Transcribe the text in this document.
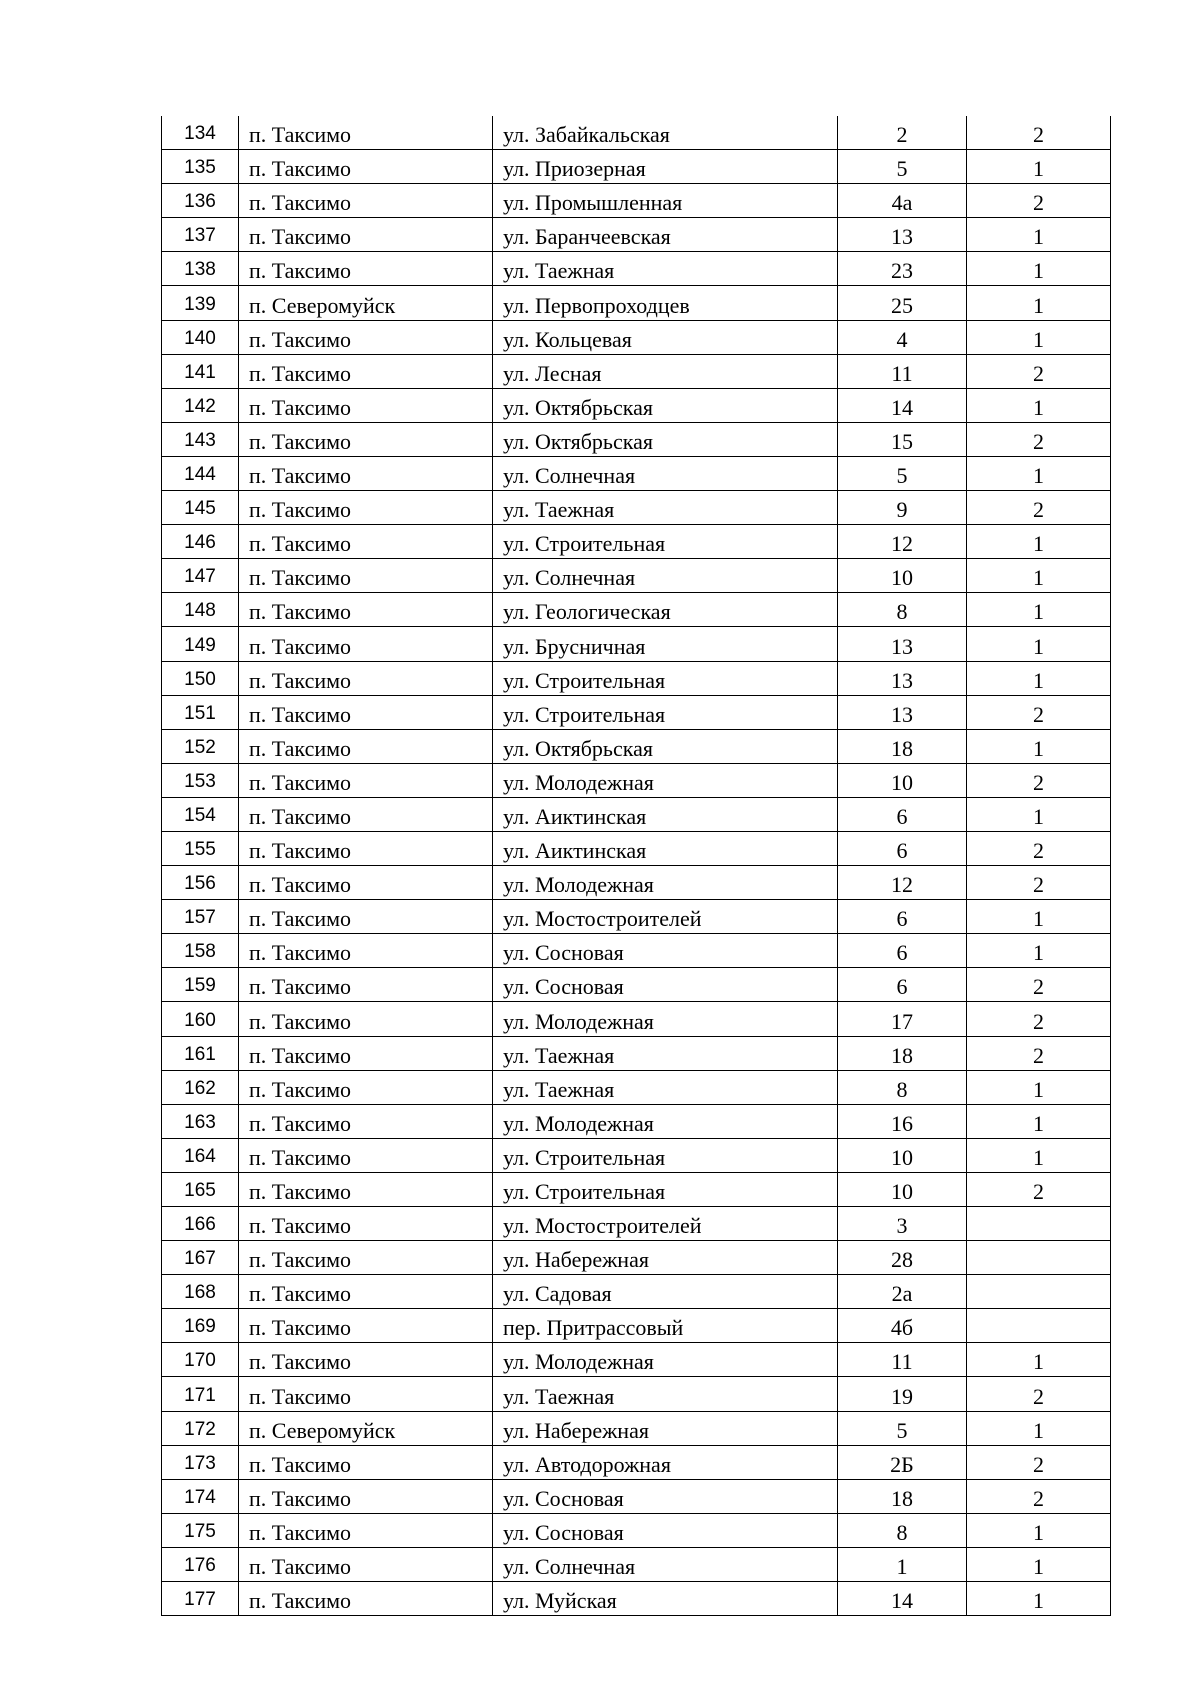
134	п. Таксимо	ул. Забайкальская	2	2
135	п. Таксимо	ул. Приозерная	5	1
136	п. Таксимо	ул. Промышленная	4а	2
137	п. Таксимо	ул. Баранчеевская	13	1
138	п. Таксимо	ул. Таежная	23	1
139	п. Северомуйск	ул. Первопроходцев	25	1
140	п. Таксимо	ул. Кольцевая	4	1
141	п. Таксимо	ул. Лесная	11	2
142	п. Таксимо	ул. Октябрьская	14	1
143	п. Таксимо	ул. Октябрьская	15	2
144	п. Таксимо	ул. Солнечная	5	1
145	п. Таксимо	ул. Таежная	9	2
146	п. Таксимо	ул. Строительная	12	1
147	п. Таксимо	ул. Солнечная	10	1
148	п. Таксимо	ул. Геологическая	8	1
149	п. Таксимо	ул. Брусничная	13	1
150	п. Таксимо	ул. Строительная	13	1
151	п. Таксимо	ул. Строительная	13	2
152	п. Таксимо	ул. Октябрьская	18	1
153	п. Таксимо	ул. Молодежная	10	2
154	п. Таксимо	ул. Аиктинская	6	1
155	п. Таксимо	ул. Аиктинская	6	2
156	п. Таксимо	ул. Молодежная	12	2
157	п. Таксимо	ул. Мостостроителей	6	1
158	п. Таксимо	ул. Сосновая	6	1
159	п. Таксимо	ул. Сосновая	6	2
160	п. Таксимо	ул. Молодежная	17	2
161	п. Таксимо	ул. Таежная	18	2
162	п. Таксимо	ул. Таежная	8	1
163	п. Таксимо	ул. Молодежная	16	1
164	п. Таксимо	ул. Строительная	10	1
165	п. Таксимо	ул. Строительная	10	2
166	п. Таксимо	ул. Мостостроителей	3	
167	п. Таксимо	ул. Набережная	28	
168	п. Таксимо	ул. Садовая	2а	
169	п. Таксимо	пер. Притрассовый	4б	
170	п. Таксимо	ул. Молодежная	11	1
171	п. Таксимо	ул. Таежная	19	2
172	п. Северомуйск	ул. Набережная	5	1
173	п. Таксимо	ул. Автодорожная	2Б	2
174	п. Таксимо	ул. Сосновая	18	2
175	п. Таксимо	ул. Сосновая	8	1
176	п. Таксимо	ул. Солнечная	1	1
177	п. Таксимо	ул. Муйская	14	1
